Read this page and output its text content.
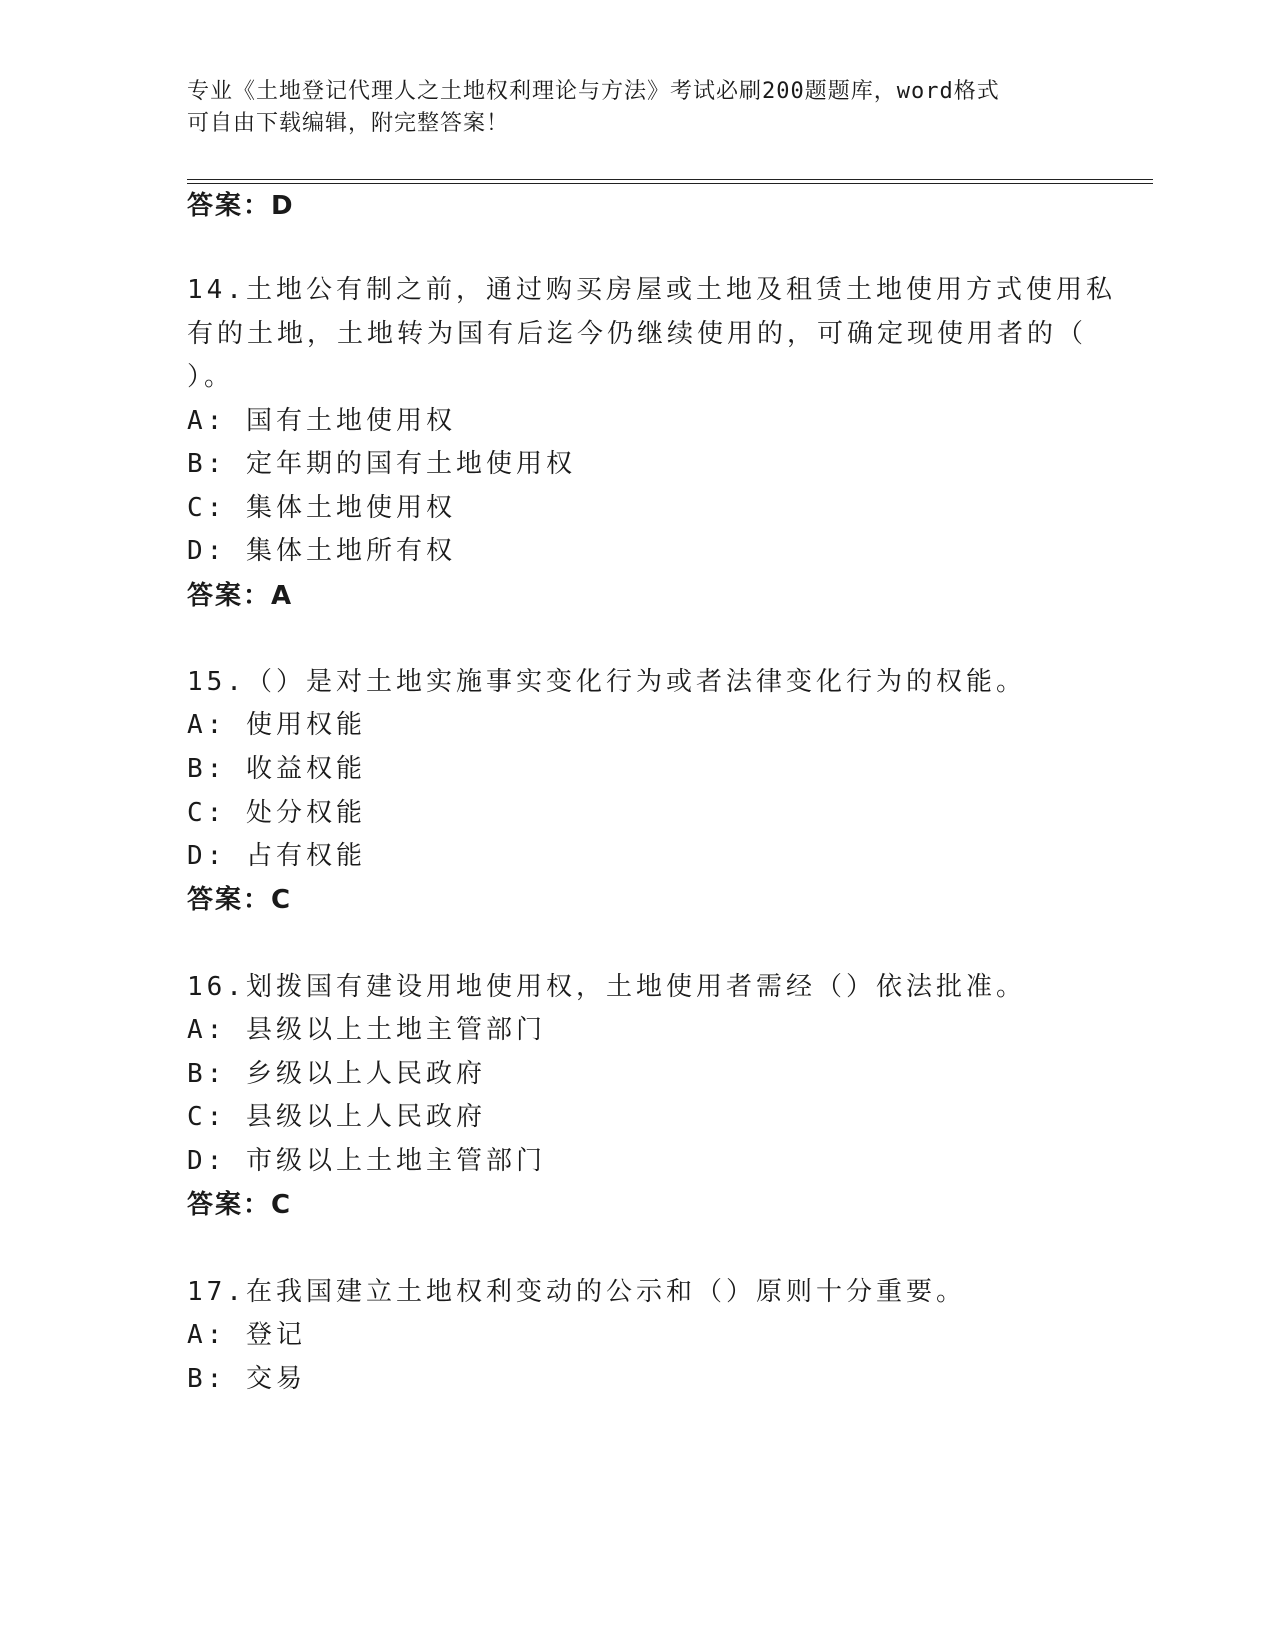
专业《土地登记代理人之土地权利理论与方法》考试必刷200题题库，word格式
可自由下载编辑，附完整答案！
答案：D
14.土地公有制之前，通过购买房屋或土地及租赁土地使用方式使用私
有的土地，土地转为国有后迄今仍继续使用的，可确定现使用者的（
）。
A: 国有土地使用权
B: 定年期的国有土地使用权
C: 集体土地使用权
D: 集体土地所有权
答案：A
15.（）是对土地实施事实变化行为或者法律变化行为的权能。
A: 使用权能
B: 收益权能
C: 处分权能
D: 占有权能
答案：C
16.划拨国有建设用地使用权，土地使用者需经（）依法批准。
A: 县级以上土地主管部门
B: 乡级以上人民政府
C: 县级以上人民政府
D: 市级以上土地主管部门
答案：C
17.在我国建立土地权利变动的公示和（）原则十分重要。
A: 登记
B: 交易
